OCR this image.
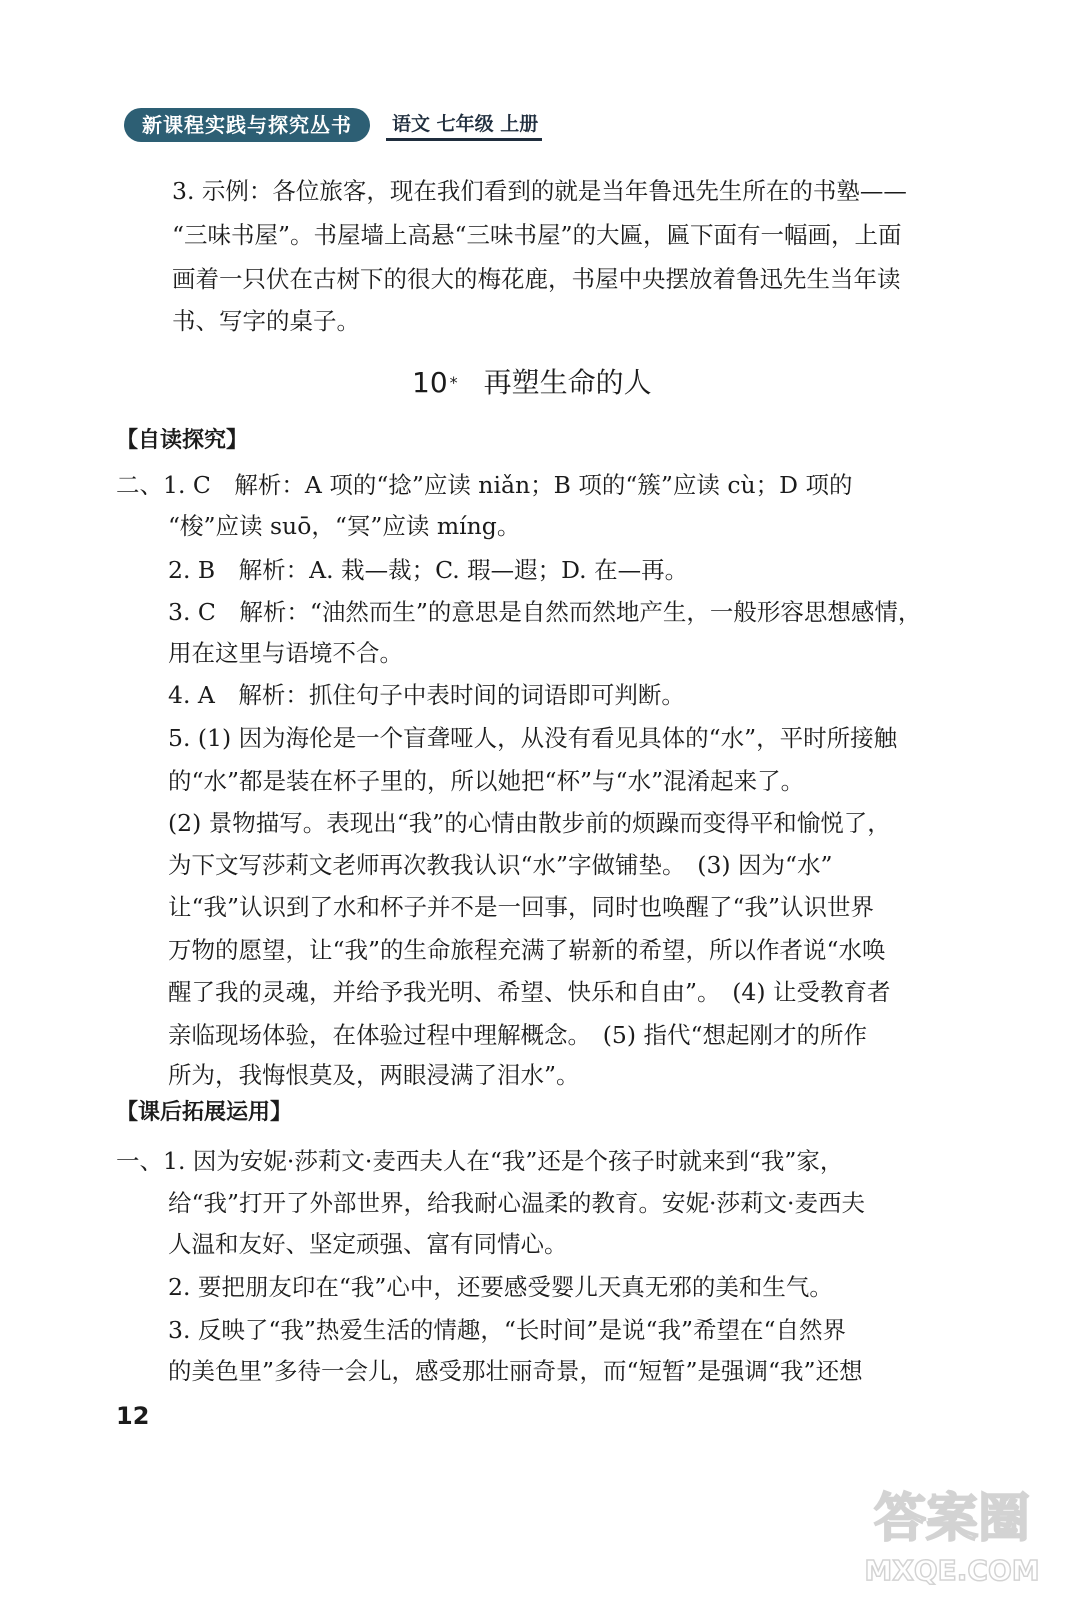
新课程实践与探究丛书	语文 七年级 上册
3. 示例：各位旅客，现在我们看到的就是当年鲁迅先生所在的书塾——
“三味书屋”。书屋墙上高悬“三味书屋”的大匾，匾下面有一幅画，上面
画着一只伏在古树下的很大的梅花鹿，书屋中央摆放着鲁迅先生当年读
书、写字的桌子。
10 * 再塑生命的人
【自读探究】
二、1. C　解析：A 项的“捻”应读 niǎn；B 项的“簇”应读 cù；D 项的
“梭”应读 suō，“冥”应读 míng。
2. B　解析：A. 栽—裁；C. 瑕—遐；D. 在—再。
3. C　解析：“油然而生”的意思是自然而然地产生，一般形容思想感情，
用在这里与语境不合。
4. A　解析：抓住句子中表时间的词语即可判断。
5. (1) 因为海伦是一个盲聋哑人，从没有看见具体的“水”，平时所接触
的“水”都是装在杯子里的，所以她把“杯”与“水”混淆起来了。
(2) 景物描写。表现出“我”的心情由散步前的烦躁而变得平和愉悦了，
为下文写莎莉文老师再次教我认识“水”字做铺垫。　(3) 因为“水”
让“我”认识到了水和杯子并不是一回事，同时也唤醒了“我”认识世界
万物的愿望，让“我”的生命旅程充满了崭新的希望，所以作者说“水唤
醒了我的灵魂，并给予我光明、希望、快乐和自由”。　(4) 让受教育者
亲临现场体验，在体验过程中理解概念。　(5) 指代“想起刚才的所作
所为，我悔恨莫及，两眼浸满了泪水”。
【课后拓展运用】
一、1. 因为安妮·莎莉文·麦西夫人在“我”还是个孩子时就来到“我”家，
给“我”打开了外部世界，给我耐心温柔的教育。安妮·莎莉文·麦西夫
人温和友好、坚定顽强、富有同情心。
2. 要把朋友印在“我”心中，还要感受婴儿天真无邪的美和生气。
3. 反映了“我”热爱生活的情趣，“长时间”是说“我”希望在“自然界
的美色里”多待一会儿，感受那壮丽奇景，而“短暂”是强调“我”还想
12
答案圈
MXQE.COM
